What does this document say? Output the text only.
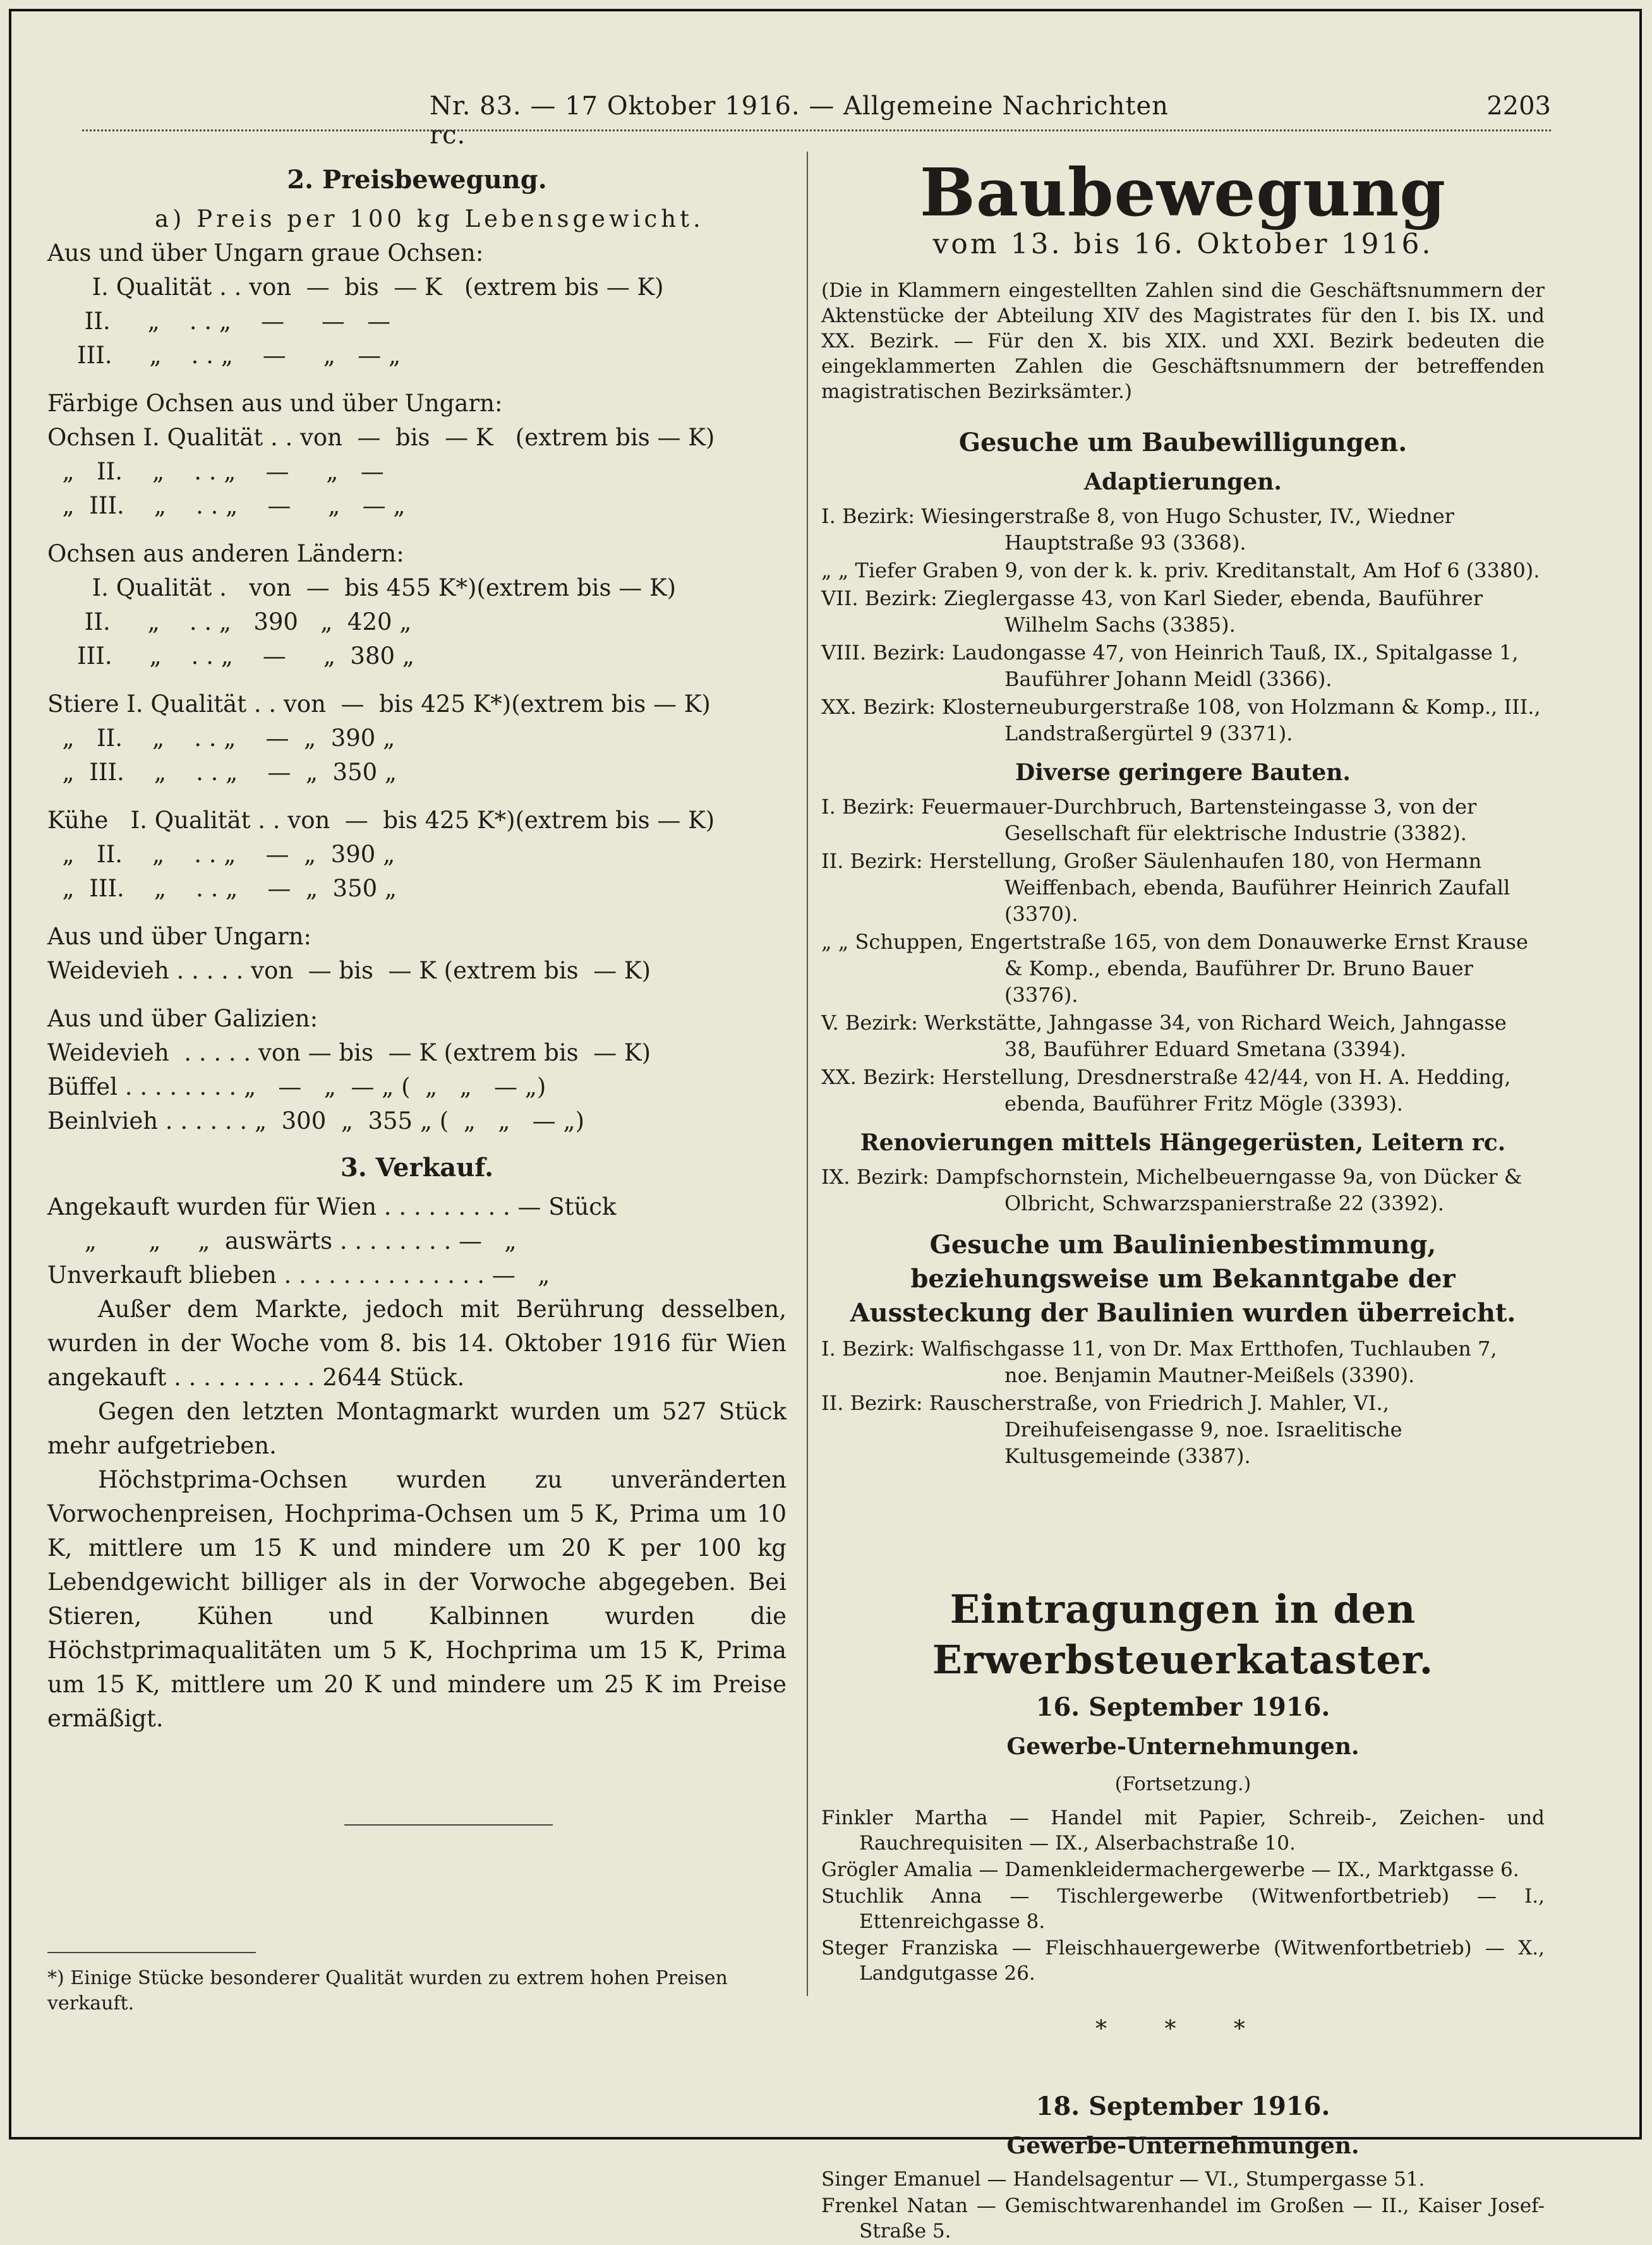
Nr. 83. — 17 Oktober 1916. — Allgemeine Nachrichten rc.
2203
2. Preisbewegung.
a) Preis per 100 kg Lebensgewicht.
Aus und über Ungarn graue Ochsen:
I. Qualität . . von  —  bis  — K   (extrem bis — K)
II.     „    . . „    —     —   —
III.     „    . . „    —     „   — „
Färbige Ochsen aus und über Ungarn:
Ochsen I. Qualität . . von  —  bis  — K   (extrem bis — K)
„   II.    „    . . „    —     „   —
„  III.    „    . . „    —     „   — „
Ochsen aus anderen Ländern:
I. Qualität .   von  —  bis 455 K*)(extrem bis — K)
II.     „    . . „   390   „  420 „
III.     „    . . „    —     „  380 „
Stiere I. Qualität . . von  —  bis 425 K*)(extrem bis — K)
„   II.    „    . . „    —  „  390 „
„  III.    „    . . „    —  „  350 „
Kühe   I. Qualität . . von  —  bis 425 K*)(extrem bis — K)
„   II.    „    . . „    —  „  390 „
„  III.    „    . . „    —  „  350 „
Aus und über Ungarn:
Weidevieh . . . . . von  — bis  — K (extrem bis  — K)
Aus und über Galizien:
Weidevieh  . . . . . von — bis  — K (extrem bis  — K)
Büffel . . . . . . . . „   —   „  — „ (  „   „   — „)
Beinlvieh . . . . . . „  300  „  355 „ (  „   „   — „)
3. Verkauf.
Angekauft wurden für Wien . . . . . . . . . — Stück
„       „     „  auswärts . . . . . . . . —   „
Unverkauft blieben . . . . . . . . . . . . . . —   „
Außer dem Markte, jedoch mit Berührung desselben, wurden in der Woche vom 8. bis 14. Oktober 1916 für Wien angekauft . . . . . . . . . . 2644 Stück.
Gegen den letzten Montagmarkt wurden um 527 Stück mehr aufgetrieben.
Höchstprima-Ochsen wurden zu unveränderten Vorwochenpreisen, Hochprima-Ochsen um 5 K, Prima um 10 K, mittlere um 15 K und mindere um 20 K per 100 kg Lebendgewicht billiger als in der Vorwoche abgegeben. Bei Stieren, Kühen und Kalbinnen wurden die Höchstprimaqualitäten um 5 K, Hochprima um 15 K, Prima um 15 K, mittlere um 20 K und mindere um 25 K im Preise ermäßigt.
*) Einige Stücke besonderer Qualität wurden zu extrem hohen Preisen verkauft.
Baubewegung
vom 13. bis 16. Oktober 1916.
(Die in Klammern eingestellten Zahlen sind die Geschäftsnummern der Aktenstücke der Abteilung XIV des Magistrates für den I. bis IX. und XX. Bezirk. — Für den X. bis XIX. und XXI. Bezirk bedeuten die eingeklammerten Zahlen die Geschäftsnummern der betreffenden magistratischen Bezirksämter.)
Gesuche um Baubewilligungen.
Adaptierungen.
I. Bezirk: Wiesingerstraße 8, von Hugo Schuster, IV., Wiedner Hauptstraße 93 (3368).
„ „ Tiefer Graben 9, von der k. k. priv. Kreditanstalt, Am Hof 6 (3380).
VII. Bezirk: Zieglergasse 43, von Karl Sieder, ebenda, Bauführer Wilhelm Sachs (3385).
VIII. Bezirk: Laudongasse 47, von Heinrich Tauß, IX., Spitalgasse 1, Bauführer Johann Meidl (3366).
XX. Bezirk: Klosterneuburgerstraße 108, von Holzmann & Komp., III., Landstraßergürtel 9 (3371).
Diverse geringere Bauten.
I. Bezirk: Feuermauer-Durchbruch, Bartensteingasse 3, von der Gesellschaft für elektrische Industrie (3382).
II. Bezirk: Herstellung, Großer Säulenhaufen 180, von Hermann Weiffenbach, ebenda, Bauführer Heinrich Zaufall (3370).
„ „ Schuppen, Engertstraße 165, von dem Donauwerke Ernst Krause & Komp., ebenda, Bauführer Dr. Bruno Bauer (3376).
V. Bezirk: Werkstätte, Jahngasse 34, von Richard Weich, Jahngasse 38, Bauführer Eduard Smetana (3394).
XX. Bezirk: Herstellung, Dresdnerstraße 42/44, von H. A. Hedding, ebenda, Bauführer Fritz Mögle (3393).
Renovierungen mittels Hängegerüsten, Leitern rc.
IX. Bezirk: Dampfschornstein, Michelbeuerngasse 9a, von Dücker & Olbricht, Schwarzspanierstraße 22 (3392).
Gesuche um Baulinienbestimmung, beziehungsweise um Bekanntgabe der Aussteckung der Baulinien wurden überreicht.
I. Bezirk: Walfischgasse 11, von Dr. Max Ertthofen, Tuchlauben 7, noe. Benjamin Mautner-Meißels (3390).
II. Bezirk: Rauscherstraße, von Friedrich J. Mahler, VI., Dreihufeisengasse 9, noe. Israelitische Kultusgemeinde (3387).
Eintragungen in den Erwerbsteuerkataster.
16. September 1916.
Gewerbe-Unternehmungen.
(Fortsetzung.)
Finkler Martha — Handel mit Papier, Schreib-, Zeichen- und Rauchrequisiten — IX., Alserbachstraße 10.
Grögler Amalia — Damenkleidermachergewerbe — IX., Marktgasse 6.
Stuchlik Anna — Tischlergewerbe (Witwenfortbetrieb) — I., Ettenreichgasse 8.
Steger Franziska — Fleischhauergewerbe (Witwenfortbetrieb) — X., Landgutgasse 26.
* * *
18. September 1916.
Gewerbe-Unternehmungen.
Singer Emanuel — Handelsagentur — VI., Stumpergasse 51.
Frenkel Natan — Gemischtwarenhandel im Großen — II., Kaiser Josef-Straße 5.
